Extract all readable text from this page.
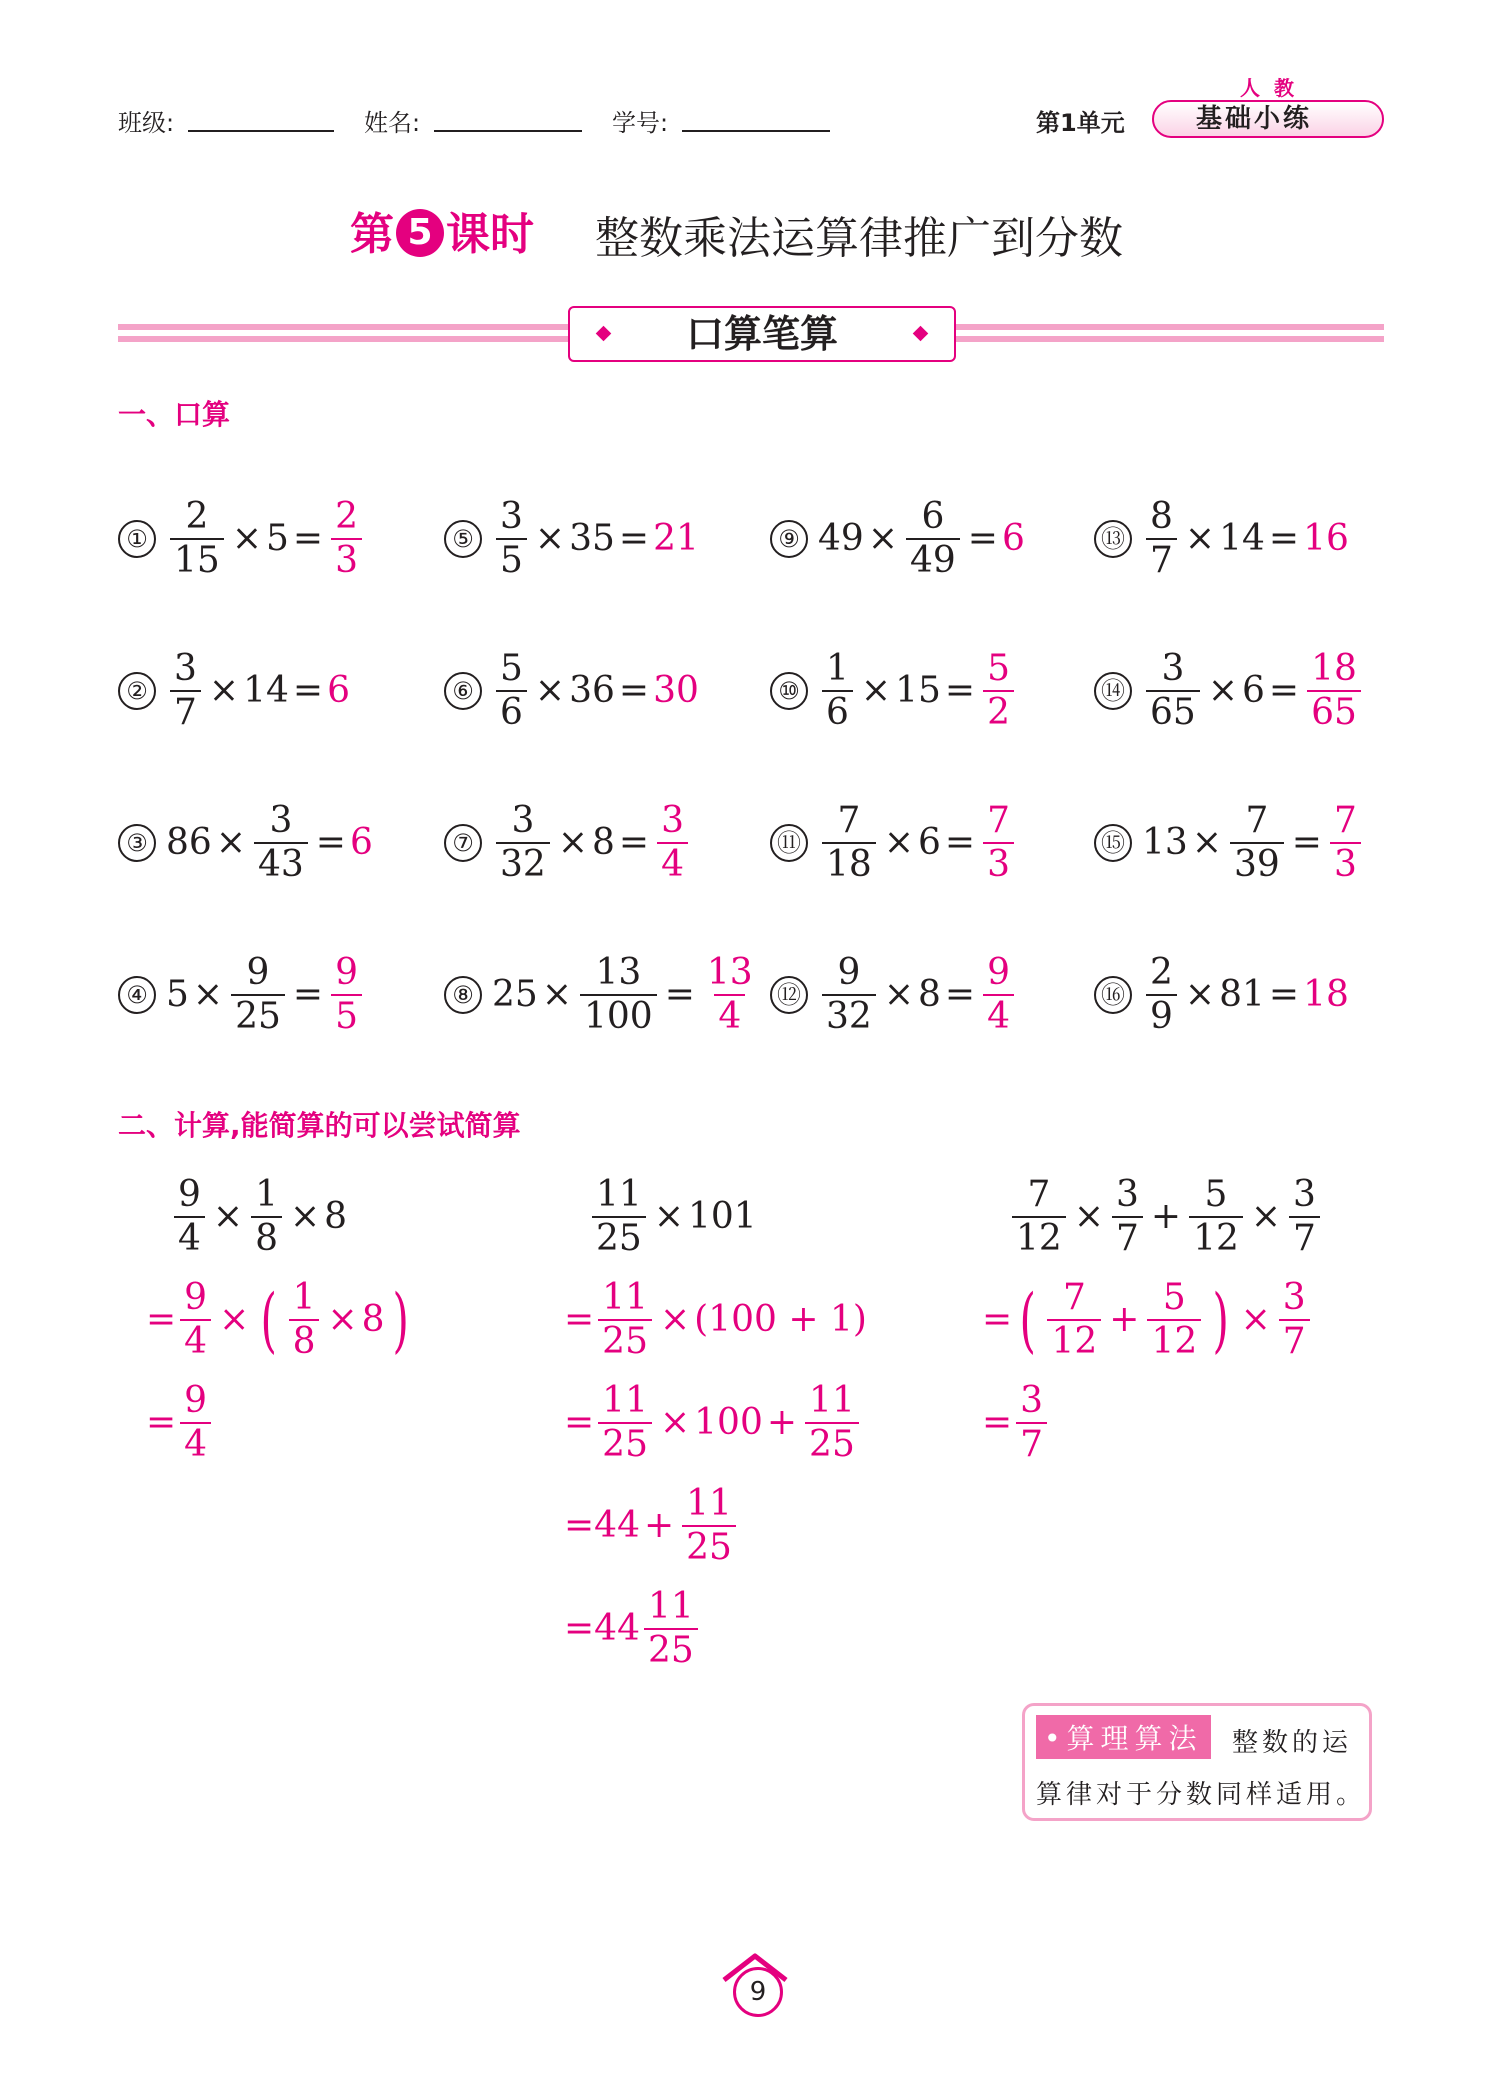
班级:	姓名:	学号:	第1单元
人教
基础小练
第 5 课时 整数乘法运算律推广到分数
口算笔算
一、口算
① $\frac{2}{15} \times 5 = \frac{2}{3}$
② $\frac{3}{7} \times 14 = 6$
③ $86 \times \frac{3}{43} = 6$
④ $5 \times \frac{9}{25} = \frac{9}{5}$
⑤ $\frac{3}{5} \times 35 = 21$
⑥ $\frac{5}{6} \times 36 = 30$
⑦ $\frac{3}{32} \times 8 = \frac{3}{4}$
⑧ $25 \times \frac{13}{100} = \frac{13}{4}$
⑨ $49 \times \frac{6}{49} = 6$
⑩ $\frac{1}{6} \times 15 = \frac{5}{2}$
⑪ $\frac{7}{18} \times 6 = \frac{7}{3}$
⑫ $\frac{9}{32} \times 8 = \frac{9}{4}$
⑬ $\frac{8}{7} \times 14 = 16$
⑭ $\frac{3}{65} \times 6 = \frac{18}{65}$
⑮ $13 \times \frac{7}{39} = \frac{7}{3}$
⑯ $\frac{2}{9} \times 81 = 18$
二、计算,能简算的可以尝试简算
$\frac{9}{4} \times \frac{1}{8} \times 8$
= $\frac{9}{4}$ × ( $\frac{1}{8} \times 8$ )
= $\frac{9}{4}$
$\frac{11}{25} \times 101$
= $\frac{11}{25} \times (100 + 1)$
= $\frac{11}{25} \times 100 + \frac{11}{25}$
= $44 + \frac{11}{25}$
= $44 \frac{11}{25}$
$\frac{7}{12} \times \frac{3}{7} + \frac{5}{12} \times \frac{3}{7}$
= ( $\frac{7}{12} + \frac{5}{12}$ ) × $\frac{3}{7}$
= $\frac{3}{7}$
•算理算法	整数的运
算律对于分数同样适用。
9
